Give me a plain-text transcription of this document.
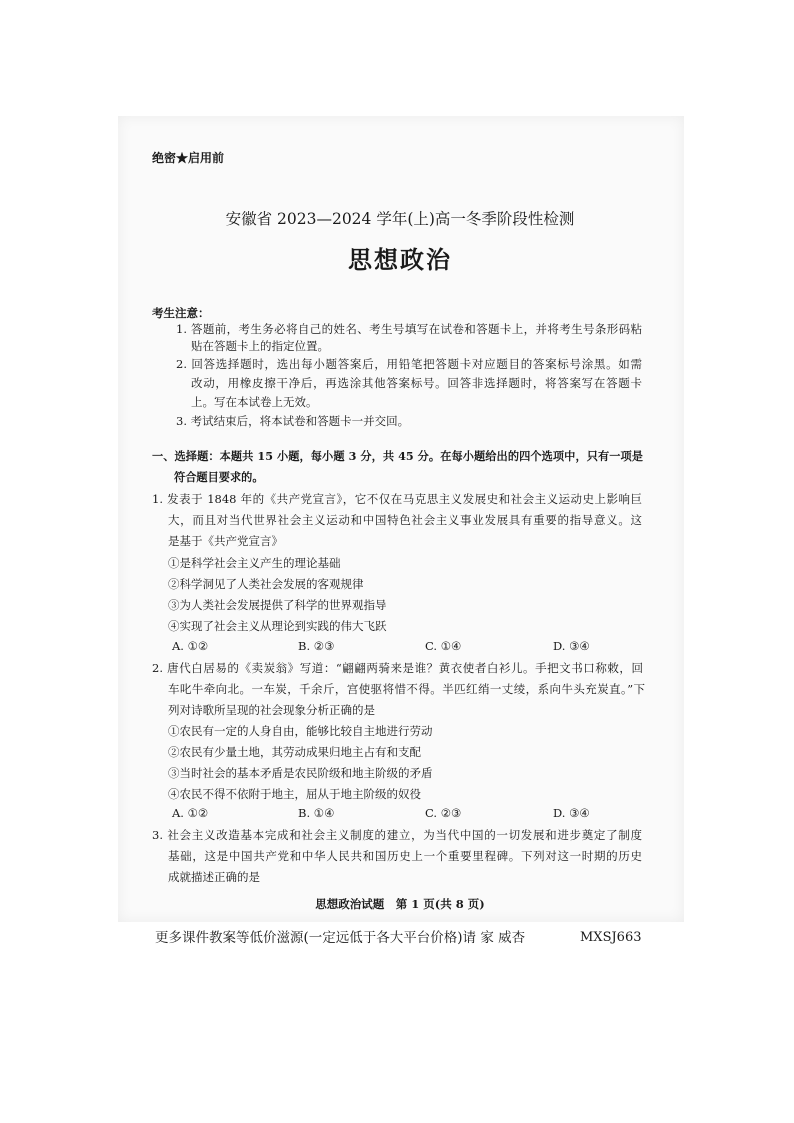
绝密★启用前
安徽省 2023—2024 学年(上)高一冬季阶段性检测
思想政治
考生注意：
1. 答题前，考生务必将自己的姓名、考生号填写在试卷和答题卡上，并将考生号条形码粘
贴在答题卡上的指定位置。
2. 回答选择题时，选出每小题答案后，用铅笔把答题卡对应题目的答案标号涂黑。如需
改动，用橡皮擦干净后，再选涂其他答案标号。回答非选择题时，将答案写在答题卡
上。写在本试卷上无效。
3. 考试结束后，将本试卷和答题卡一并交回。
一、选择题：本题共 15 小题，每小题 3 分，共 45 分。在每小题给出的四个选项中，只有一项是
符合题目要求的。
1. 发表于 1848 年的《共产党宣言》，它不仅在马克思主义发展史和社会主义运动史上影响巨
大，而且对当代世界社会主义运动和中国特色社会主义事业发展具有重要的指导意义。这
是基于《共产党宣言》
①是科学社会主义产生的理论基础
②科学洞见了人类社会发展的客观规律
③为人类社会发展提供了科学的世界观指导
④实现了社会主义从理论到实践的伟大飞跃
A. ①②	B. ②③	C. ①④	D. ③④
2. 唐代白居易的《卖炭翁》写道：“翩翩两骑来是谁？黄衣使者白衫儿。手把文书口称敕，回
车叱牛牵向北。一车炭，千余斤，宫使驱将惜不得。半匹红绡一丈绫，系向牛头充炭直。”下
列对诗歌所呈现的社会现象分析正确的是
①农民有一定的人身自由，能够比较自主地进行劳动
②农民有少量土地，其劳动成果归地主占有和支配
③当时社会的基本矛盾是农民阶级和地主阶级的矛盾
④农民不得不依附于地主，屈从于地主阶级的奴役
A. ①②	B. ①④	C. ②③	D. ③④
3. 社会主义改造基本完成和社会主义制度的建立，为当代中国的一切发展和进步奠定了制度
基础，这是中国共产党和中华人民共和国历史上一个重要里程碑。下列对这一时期的历史
成就描述正确的是
思想政治试题　第 1 页(共 8 页)
更多课件教案等低价滋源(一定远低于各大平台价格)请 家 威杏	MXSJ663
